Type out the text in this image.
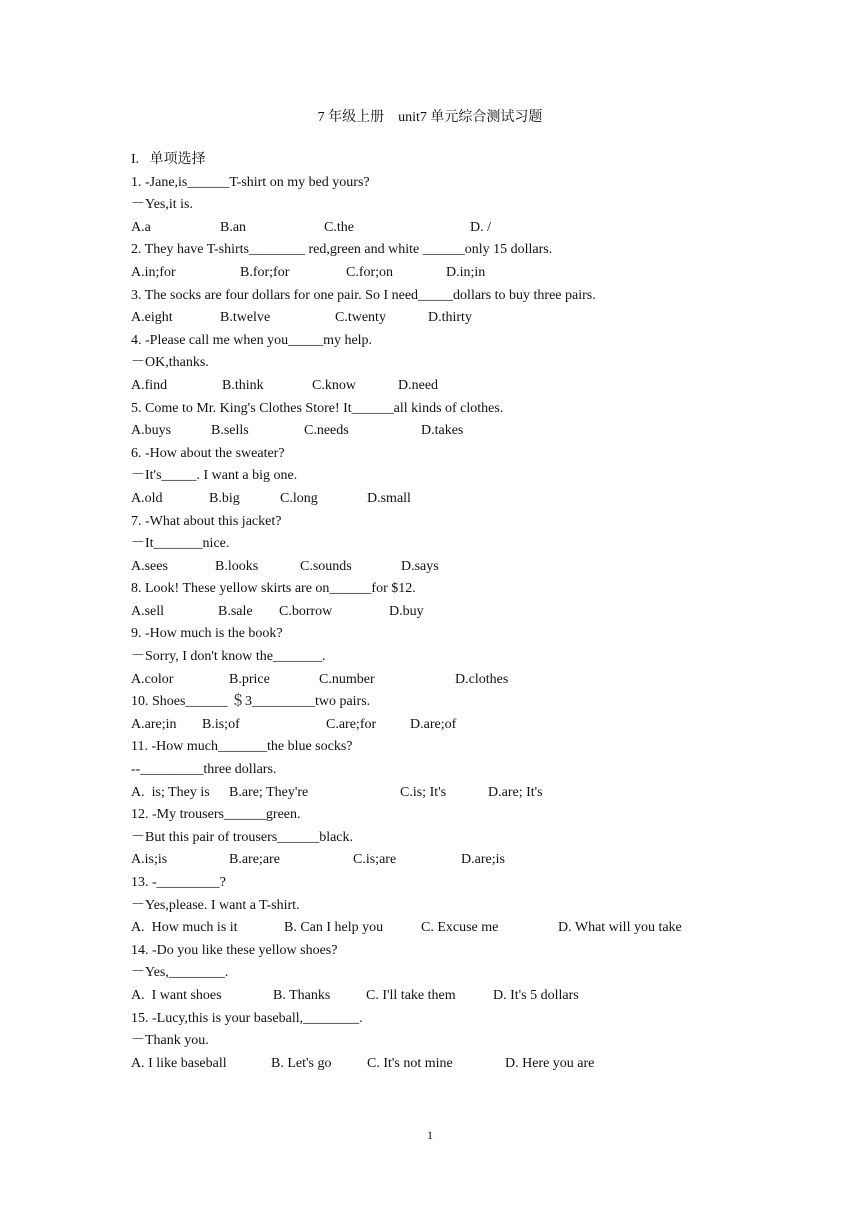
7 年级上册　unit7 单元综合测试习题
I.   单项选择
1. -Jane,is______T-shirt on my bed yours?
－Yes,it is.
A.a	B.an	C.the	D. /
2. They have T-shirts________ red,green and white ______only 15 dollars.
A.in;for	B.for;for	C.for;on	D.in;in
3. The socks are four dollars for one pair. So I need_____dollars to buy three pairs.
A.eight	B.twelve	C.twenty	D.thirty
4. -Please call me when you_____my help.
－OK,thanks.
A.find	B.think	C.know	D.need
5. Come to Mr. King's Clothes Store! It______all kinds of clothes.
A.buys	B.sells	C.needs	D.takes
6. -How about the sweater?
－It's_____. I want a big one.
A.old	B.big	C.long	D.small
7. -What about this jacket?
－It_______nice.
A.sees	B.looks	C.sounds	D.says
8. Look! These yellow skirts are on______for $12.
A.sell	B.sale C.borrow	D.buy
9. -How much is the book?
－Sorry, I don't know the_______.
A.color	B.price	C.number	D.clothes
10. Shoes______ ＄3_________two pairs.
A.are;in B.is;of	C.are;for D.are;of
11. -How much_______the blue socks?
--_________three dollars.
A.  is; They is B.are; They're	C.is; It's	D.are; It's
12. -My trousers______green.
－But this pair of trousers______black.
A.is;is	B.are;are	C.is;are	D.are;is
13. -_________?
－Yes,please. I want a T-shirt.
A.  How much is it	B. Can I help you	C. Excuse me	D. What will you take
14. -Do you like these yellow shoes?
－Yes,________.
A.  I want shoes	B. Thanks	C. I'll take them	D. It's 5 dollars
15. -Lucy,this is your baseball,________.
－Thank you.
A. I like baseball	B. Let's go	C. It's not mine	D. Here you are
1
